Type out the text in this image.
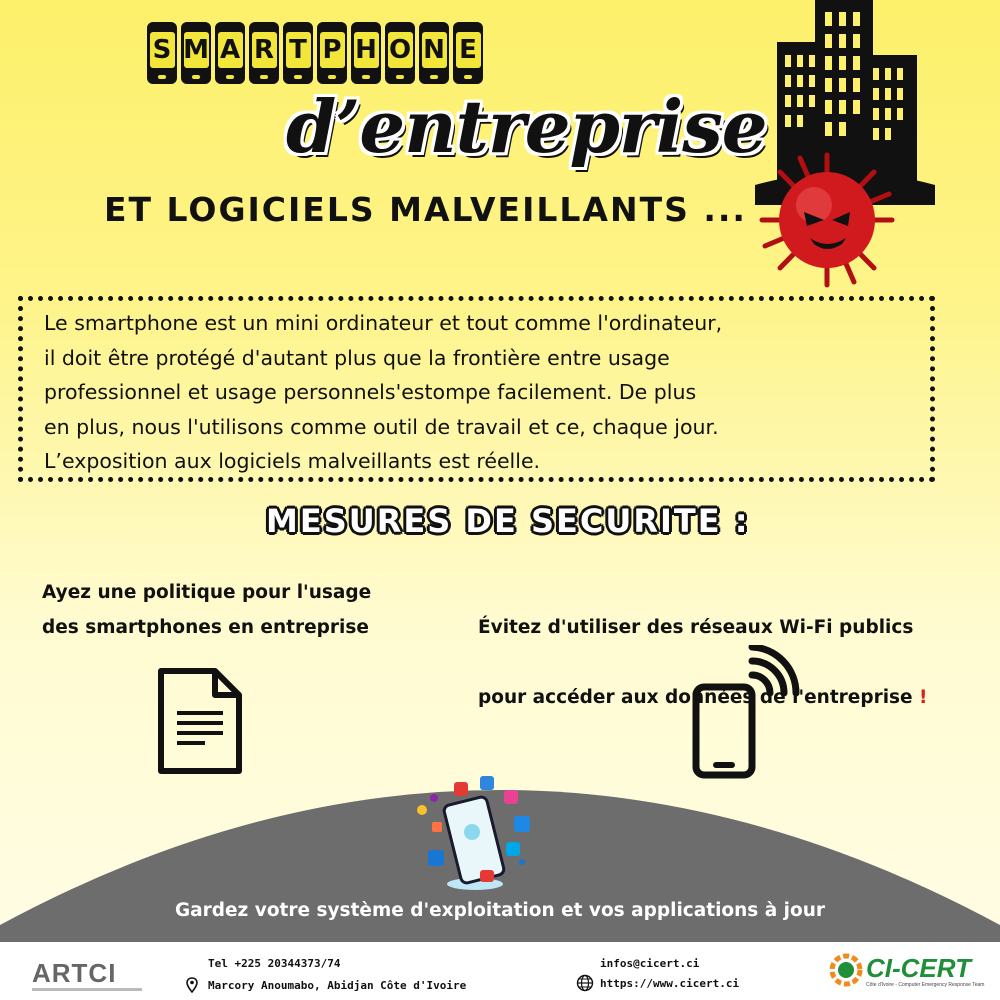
S M A R T P H O N E
d’entreprise
ET LOGICIELS MALVEILLANTS ...
Le smartphone est un mini ordinateur et tout comme l'ordinateur,
il doit être protégé d'autant plus que la frontière entre usage
professionnel et usage personnels'estompe facilement. De plus
en plus, nous l'utilisons comme outil de travail et ce, chaque jour.
L’exposition aux logiciels malveillants est réelle.
MESURES DE SECURITE :
Ayez une politique pour l'usage
des smartphones en entreprise	Évitez d'utiliser des réseaux Wi-Fi publics

pour accéder aux données de l'entreprise !

Gardez votre système d'exploitation et vos applications à jour
ARTCI	Tel +225 20344373/74
Marcory Anoumabo, Abidjan Côte d'Ivoire
infos@cicert.ci
https://www.cicert.ci
CI-CERT
Côte d'Ivoire - Computer Emergency Response Team
